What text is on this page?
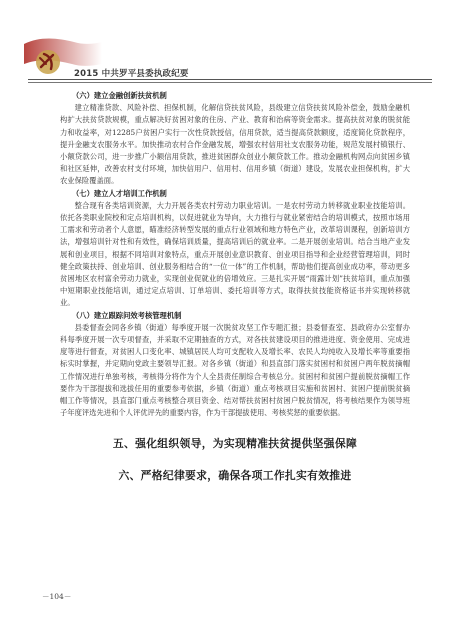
2015 中共罗平县委执政纪要
（六）建立金融创新扶贫机制

建立精准贷款、风险补偿、担保机制，化解信贷扶贫风险，县级建立信贷扶贫风险补偿金，鼓励金融机构扩大扶贫贷款规模，重点解决好贫困对象的住房、产业、教育和治病等资金需求。提高扶贫对象的脱贫能力和收益率，对12285户贫困户实行一次性贷款授信，信用贷款，适当提高贷款额度，适度简化贷款程序，提升金融支农服务水平。加快推动农村合作金融发展，增强农村信用社支农服务功能，规范发展村镇银行、小额贷款公司，进一步推广小额信用贷款，推进贫困群众创业小额贷款工作。推动金融机构网点向贫困乡镇和社区延伸，改善农村支付环境，加快信用户、信用村、信用乡镇（街道）建设，发展农业担保机构，扩大农业保险覆盖面。

（七）建立人才培训工作机制

整合现有各类培训资源，大力开展各类农村劳动力职业培训。一是农村劳动力转移就业职业技能培训。依托各类职业院校和定点培训机构，以促进就业为导向，大力推行与就业紧密结合的培训模式，按照市场用工需求和劳动者个人意愿，瞄准经济转型发展的重点行业领域和地方特色产业，改革培训课程，创新培训方法，增强培训针对性和有效性，确保培训质量，提高培训后的就业率。二是开展创业培训。结合当地产业发展和创业项目，根据不同培训对象特点，重点开展创业意识教育、创业项目指导和企业经营管理培训，同时健全政策扶持、创业培训、创业服务相结合的“一位一体”的工作机制，帮助他们提高创业成功率，带动更多贫困地区农村富余劳动力就业，实现创业促就业的倍增效应。三是扎实开展“雨露计划”扶贫培训，重点加强中短期职业技能培训，通过定点培训、订单培训、委托培训等方式，取得扶贫技能资格证书并实现转移就业。

（八）建立跟踪问效考核管理机制

县委督查会同各乡镇（街道）每季度开展一次脱贫攻坚工作专题汇报；县委督查室、县政府办公室督办科每季度开展一次专项督查，并采取不定期抽查的方式，对各扶贫建设项目的推进进度、资金使用、完成进度等进行督查，对贫困人口变化率、城镇居民人均可支配收入及增长率、农民人均纯收入及增长率等重要指标实时掌握，并定期向党政主要领导汇报。对各乡镇（街道）和县直部门落实贫困村和贫困户两年脱贫摘帽工作情况进行单独考核，考核得分将作为个人全县责任制综合考核总分。贫困村和贫困户提前脱贫摘帽工作要作为干部提拔和选拔任用的重要参考依据，乡镇（街道）重点考核项目实施和贫困村、贫困户提前脱贫摘帽工作等情况，县直部门重点考核整合项目资金、结对帮扶贫困村贫困户脱贫情况，将考核结果作为领导班子年度评选先进和个人评优评先的重要内容，作为干部提拔使用、考核奖惩的重要依据。

五、强化组织领导，为实现精准扶贫提供坚强保障
六、严格纪律要求，确保各项工作扎实有效推进
－104－
